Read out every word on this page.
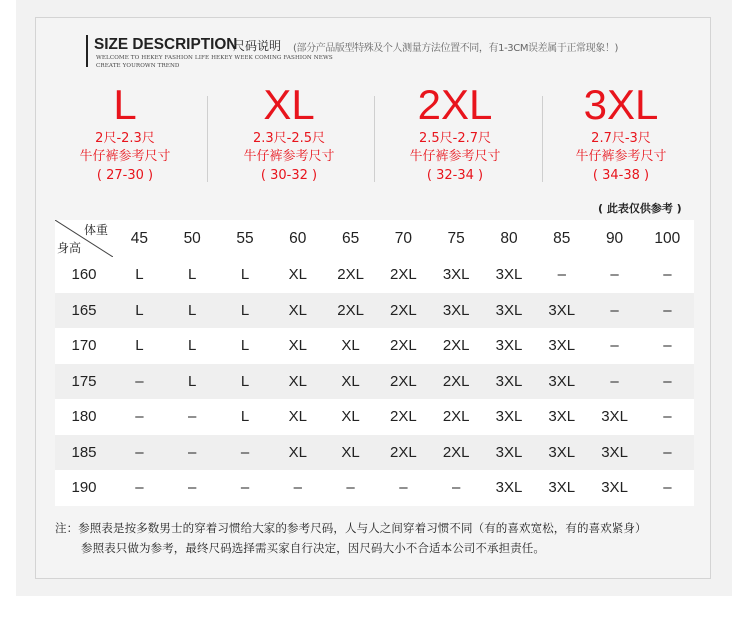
SIZE DESCRIPTION
尺码说明 (部分产品版型特殊及个人测量方法位置不同，有1-3CM误差属于正常现象！)
WELCOME TO HEKEY FASHION LIFE HEKEY WEEK COMING FASHION NEWS
CREATE YOUROWN TREND
L
2尺-2.3尺
牛仔裤参考尺寸
( 27-30 )
XL
2.3尺-2.5尺
牛仔裤参考尺寸
( 30-32 )
2XL
2.5尺-2.7尺
牛仔裤参考尺寸
( 32-34 )
3XL
2.7尺-3尺
牛仔裤参考尺寸
( 34-38 )
( 此表仅供参考 )
体重
身高
45	50	55	60	65	70	75	80	85	90	100
160	L	L	L	XL	2XL	2XL	3XL	3XL	–	–	–
165	L	L	L	XL	2XL	2XL	3XL	3XL	3XL	–	–
170	L	L	L	XL	XL	2XL	2XL	3XL	3XL	–	–
175	–	L	L	XL	XL	2XL	2XL	3XL	3XL	–	–
180	–	–	L	XL	XL	2XL	2XL	3XL	3XL	3XL	–
185	–	–	–	XL	XL	2XL	2XL	3XL	3XL	3XL	–
190	–	–	–	–	–	–	–	3XL	3XL	3XL	–
注：参照表是按多数男士的穿着习惯给大家的参考尺码，人与人之间穿着习惯不同（有的喜欢宽松，有的喜欢紧身）
参照表只做为参考，最终尺码选择需买家自行决定，因尺码大小不合适本公司不承担责任。
